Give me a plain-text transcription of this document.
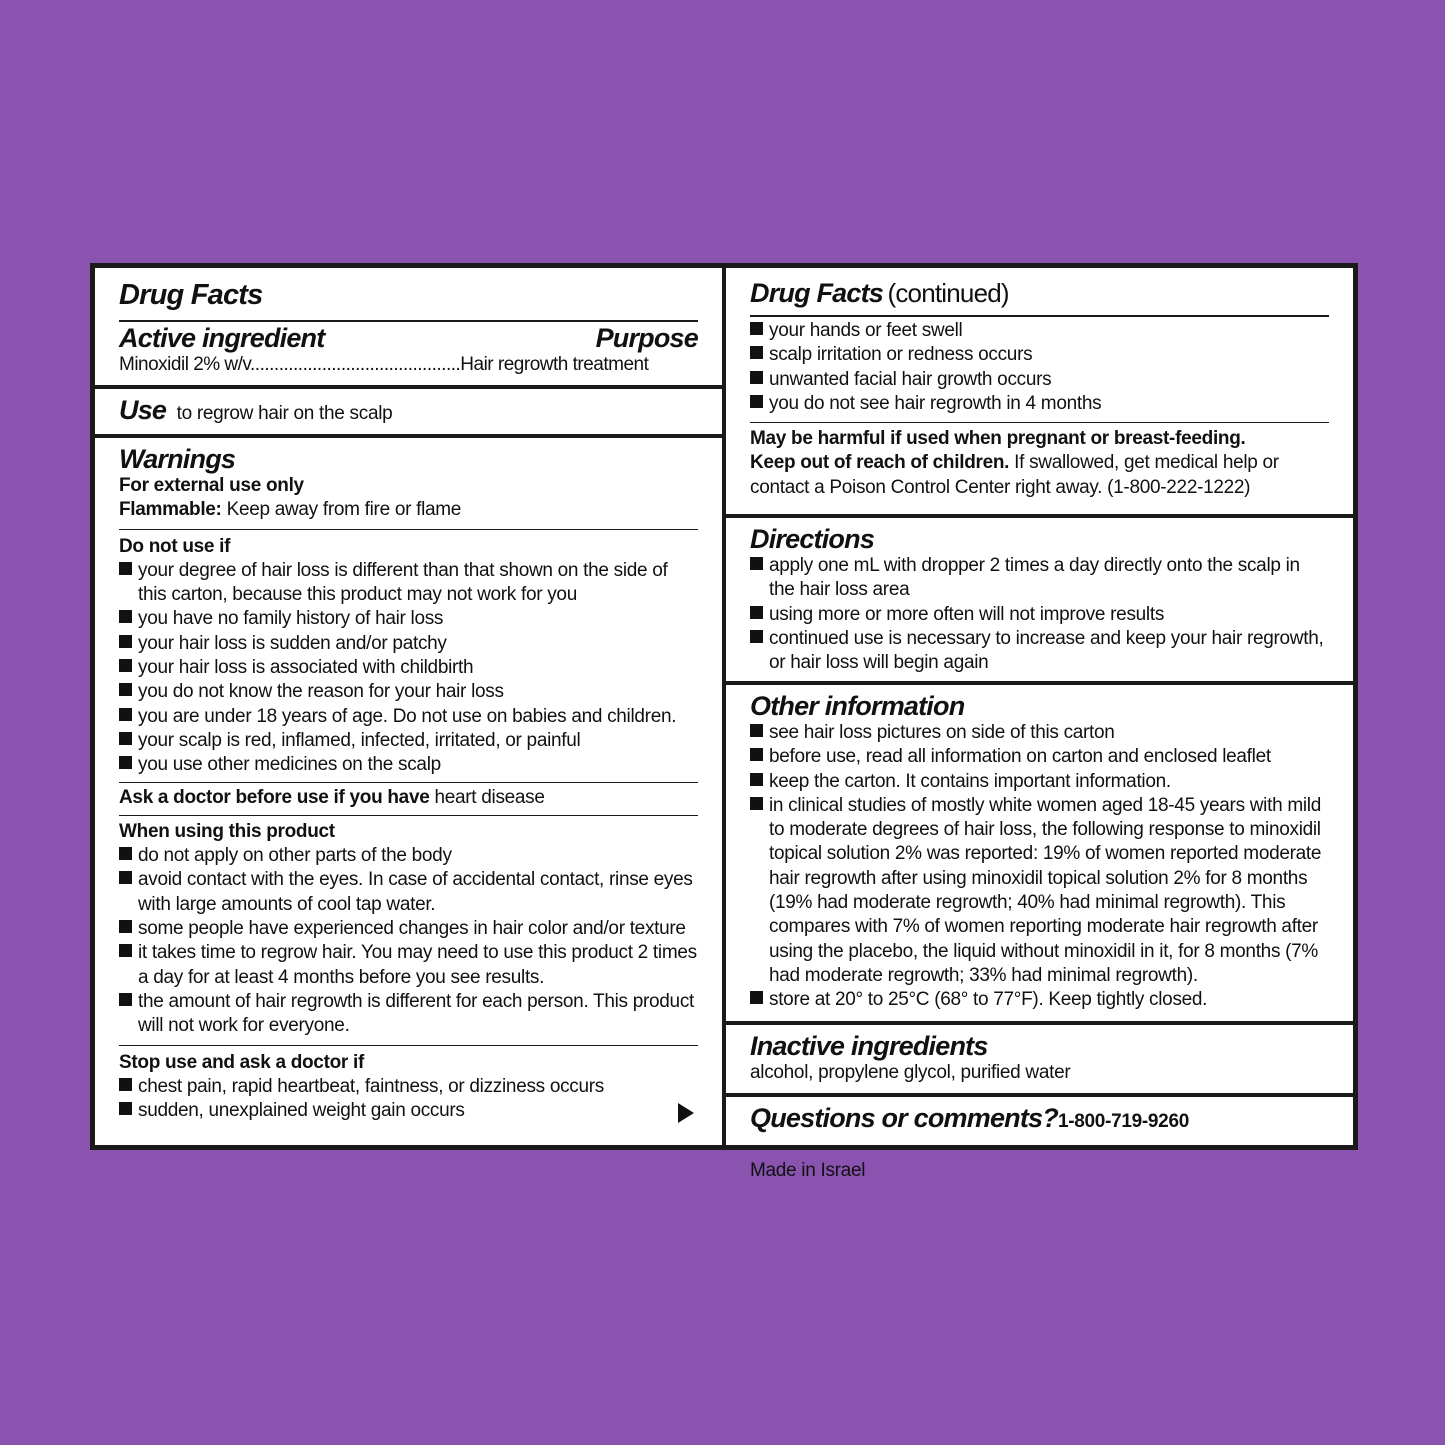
Drug Facts
Active ingredient	Purpose
Minoxidil 2% w/v............................................Hair regrowth treatment
Use to regrow hair on the scalp
Warnings
For external use only
Flammable: Keep away from fire or flame
Do not use if
your degree of hair loss is different than that shown on the side of this carton, because this product may not work for you
you have no family history of hair loss
your hair loss is sudden and/or patchy
your hair loss is associated with childbirth
you do not know the reason for your hair loss
you are under 18 years of age. Do not use on babies and children.
your scalp is red, inflamed, infected, irritated, or painful
you use other medicines on the scalp
Ask a doctor before use if you have heart disease
When using this product
do not apply on other parts of the body
avoid contact with the eyes. In case of accidental contact, rinse eyes with large amounts of cool tap water.
some people have experienced changes in hair color and/or texture
it takes time to regrow hair. You may need to use this product 2 times a day for at least 4 months before you see results.
the amount of hair regrowth is different for each person. This product will not work for everyone.
Stop use and ask a doctor if
chest pain, rapid heartbeat, faintness, or dizziness occurs
sudden, unexplained weight gain occurs
Drug Facts (continued)
your hands or feet swell
scalp irritation or redness occurs
unwanted facial hair growth occurs
you do not see hair regrowth in 4 months
May be harmful if used when pregnant or breast-feeding.
Keep out of reach of children. If swallowed, get medical help or contact a Poison Control Center right away. (1-800-222-1222)
Directions
apply one mL with dropper 2 times a day directly onto the scalp in the hair loss area
using more or more often will not improve results
continued use is necessary to increase and keep your hair regrowth, or hair loss will begin again
Other information
see hair loss pictures on side of this carton
before use, read all information on carton and enclosed leaflet
keep the carton. It contains important information.
in clinical studies of mostly white women aged 18-45 years with mild to moderate degrees of hair loss, the following response to minoxidil topical solution 2% was reported: 19% of women reported moderate hair regrowth after using minoxidil topical solution 2% for 8 months (19% had moderate regrowth; 40% had minimal regrowth). This compares with 7% of women reporting moderate hair regrowth after using the placebo, the liquid without minoxidil in it, for 8 months (7% had moderate regrowth; 33% had minimal regrowth).
store at 20° to 25°C (68° to 77°F). Keep tightly closed.
Inactive ingredients
alcohol, propylene glycol, purified water
Questions or comments?1-800-719-9260
Made in Israel
